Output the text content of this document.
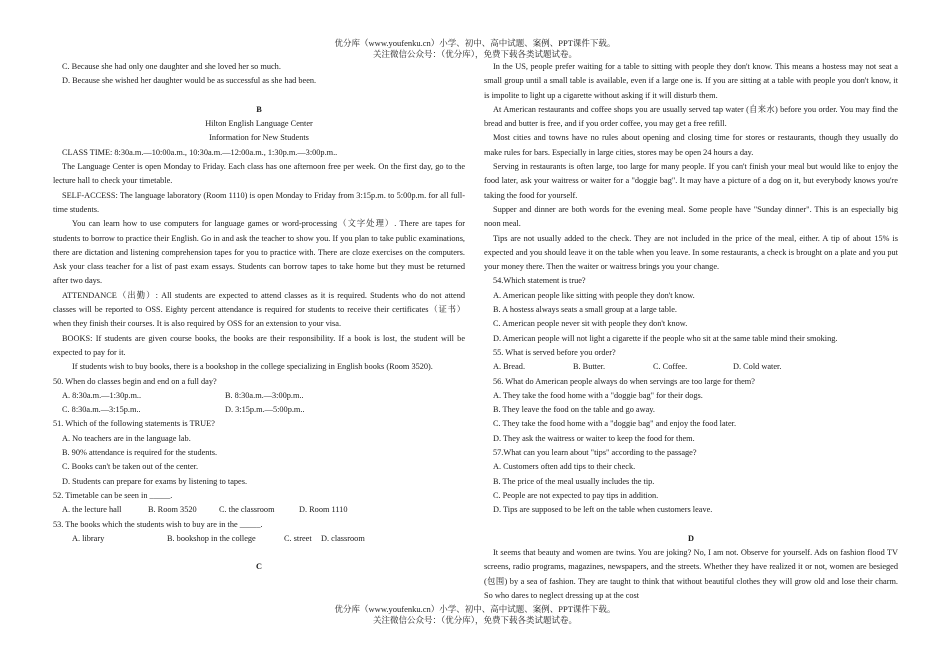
优分库（www.youfenku.cn）小学、初中、高中试题、案例、PPT课件下载。
关注微信公众号：（优分库），免费下载各类试题试卷。

C. Because she had only one daughter and she loved her so much.

D. Because she wished her daughter would be as successful as she had been.

B

Hilton English Language Center

Information for New Students

CLASS TIME: 8:30a.m.—10:00a.m., 10:30a.m.—12:00a.m., 1:30p.m.—3:00p.m..

The Language Center is open Monday to Friday. Each class has one afternoon free per week. On the first day, go to the lecture hall to check your timetable.

SELF-ACCESS: The language laboratory (Room 1110) is open Monday to Friday from 3:15p.m. to 5:00p.m. for all full-time students.

You can learn how to use computers for language games or word-processing（文字处理）. There are tapes for students to borrow to practice their English. Go in and ask the teacher to show you. If you plan to take public examinations, there are dictation and listening comprehension tapes for you to practice with. There are cloze exercises on the computers. Ask your class teacher for a list of past exam essays. Students can borrow tapes to take home but they must be returned after two days.

ATTENDANCE（出勤）: All students are expected to attend classes as it is required. Students who do not attend classes will be reported to OSS. Eighty percent attendance is required for students to receive their certificates（证书）when they finish their courses. It is also required by OSS for an extension to your visa.

BOOKS: If students are given course books, the books are their responsibility. If a book is lost, the student will be expected to pay for it.

If students wish to buy books, there is a bookshop in the college specializing in English books (Room 3520).

50. When do classes begin and end on a full day?

A. 8:30a.m.—1:30p.m..	B. 8:30a.m.—3:00p.m..
C. 8:30a.m.—3:15p.m..	D. 3:15p.m.—5:00p.m..

51. Which of the following statements is TRUE?

A. No teachers are in the language lab.

B. 90% attendance is required for the students.

C. Books can't be taken out of the center.

D. Students can prepare for exams by listening to tapes.

52. Timetable can be seen in _____.

A. the lecture hall	B. Room 3520	C. the classroom	D. Room 1110

53. The books which the students wish to buy are in the _____.

A. library	B. bookshop in the college	C. street	D. classroom

C

In the US, people prefer waiting for a table to sitting with people they don't know. This means a hostess may not seat a small group until a small table is available, even if a large one is. If you are sitting at a table with people you don't know, it is impolite to light up a cigarette without asking if it will disturb them.

At American restaurants and coffee shops you are usually served tap water (自来水) before you order. You may find the bread and butter is free, and if you order coffee, you may get a free refill.

Most cities and towns have no rules about opening and closing time for stores or restaurants, though they usually do make rules for bars. Especially in large cities, stores may be open 24 hours a day.

Serving in restaurants is often large, too large for many people. If you can't finish your meal but would like to enjoy the food later, ask your waitress or waiter for a "doggie bag". It may have a picture of a dog on it, but everybody knows you're taking the food for yourself.

Supper and dinner are both words for the evening meal. Some people have "Sunday dinner". This is an especially big noon meal.

Tips are not usually added to the check. They are not included in the price of the meal, either. A tip of about 15% is expected and you should leave it on the table when you leave. In some restaurants, a check is brought on a plate and you put your money there. Then the waiter or waitress brings you your change.

54.Which statement is true?

A. American people like sitting with people they don't know.

B. A hostess always seats a small group at a large table.

C. American people never sit with people they don't know.

D. American people will not light a cigarette if the people who sit at the same table mind their smoking.

55. What is served before you order?

A. Bread.	B. Butter.	C. Coffee.	D. Cold water.

56. What do American people always do when servings are too large for them?

A. They take the food home with a "doggie bag" for their dogs.

B. They leave the food on the table and go away.

C. They take the food home with a "doggie bag" and enjoy the food later.

D. They ask the waitress or waiter to keep the food for them.

57.What can you learn about "tips" according to the passage?

A. Customers often add tips to their check.

B. The price of the meal usually includes the tip.

C. People are not expected to pay tips in addition.

D. Tips are supposed to be left on the table when customers leave.

D

It seems that beauty and women are twins. You are joking? No, I am not. Observe for yourself. Ads on fashion flood TV screens, radio programs, magazines, newspapers, and the streets. Whether they have realized it or not, women are besieged (包围) by a sea of fashion. They are taught to think that without beautiful clothes they will grow old and lose their charm. So who dares to neglect dressing up at the cost

优分库（www.youfenku.cn）小学、初中、高中试题、案例、PPT课件下载。
关注微信公众号：（优分库），免费下载各类试题试卷。
